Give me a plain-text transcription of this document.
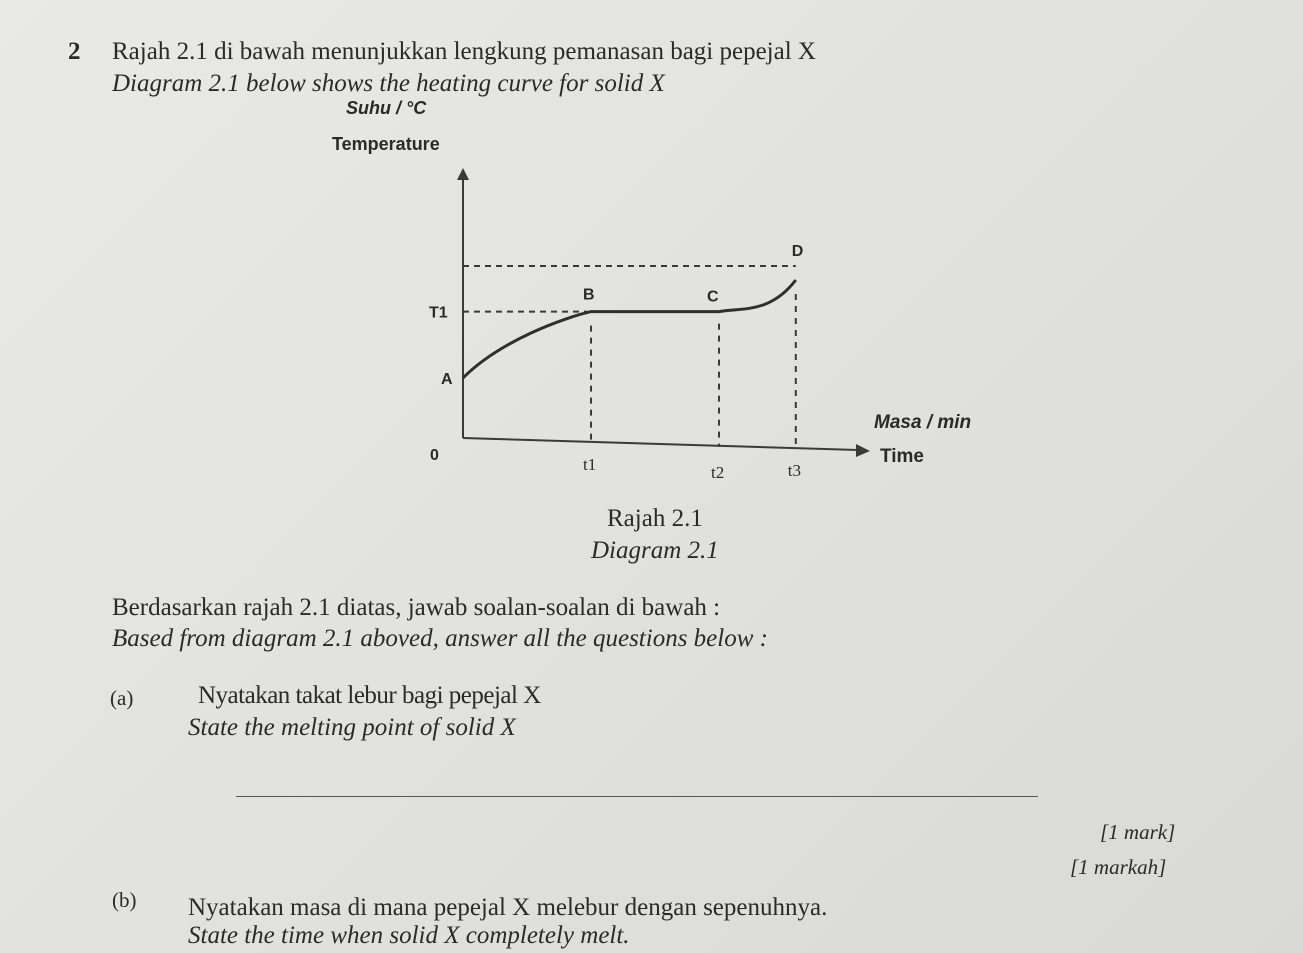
2 Rajah 2.1 di bawah menunjukkan lengkung pemanasan bagi pepejal X
Diagram 2.1 below shows the heating curve for solid X
Suhu / °C
Temperature
A
B	C
D
T1
0	t1	t2	t3
Masa / min
Time
Rajah 2.1
Diagram 2.1
Berdasarkan rajah 2.1 diatas, jawab soalan-soalan di bawah :
Based from diagram 2.1 aboved, answer all the questions below :
(a)	Nyatakan takat lebur bagi pepejal X
State the melting point of solid X
[1 mark]
[1 markah]
(b) Nyatakan masa di mana pepejal X melebur dengan sepenuhnya.
State the time when solid X completely melt.
